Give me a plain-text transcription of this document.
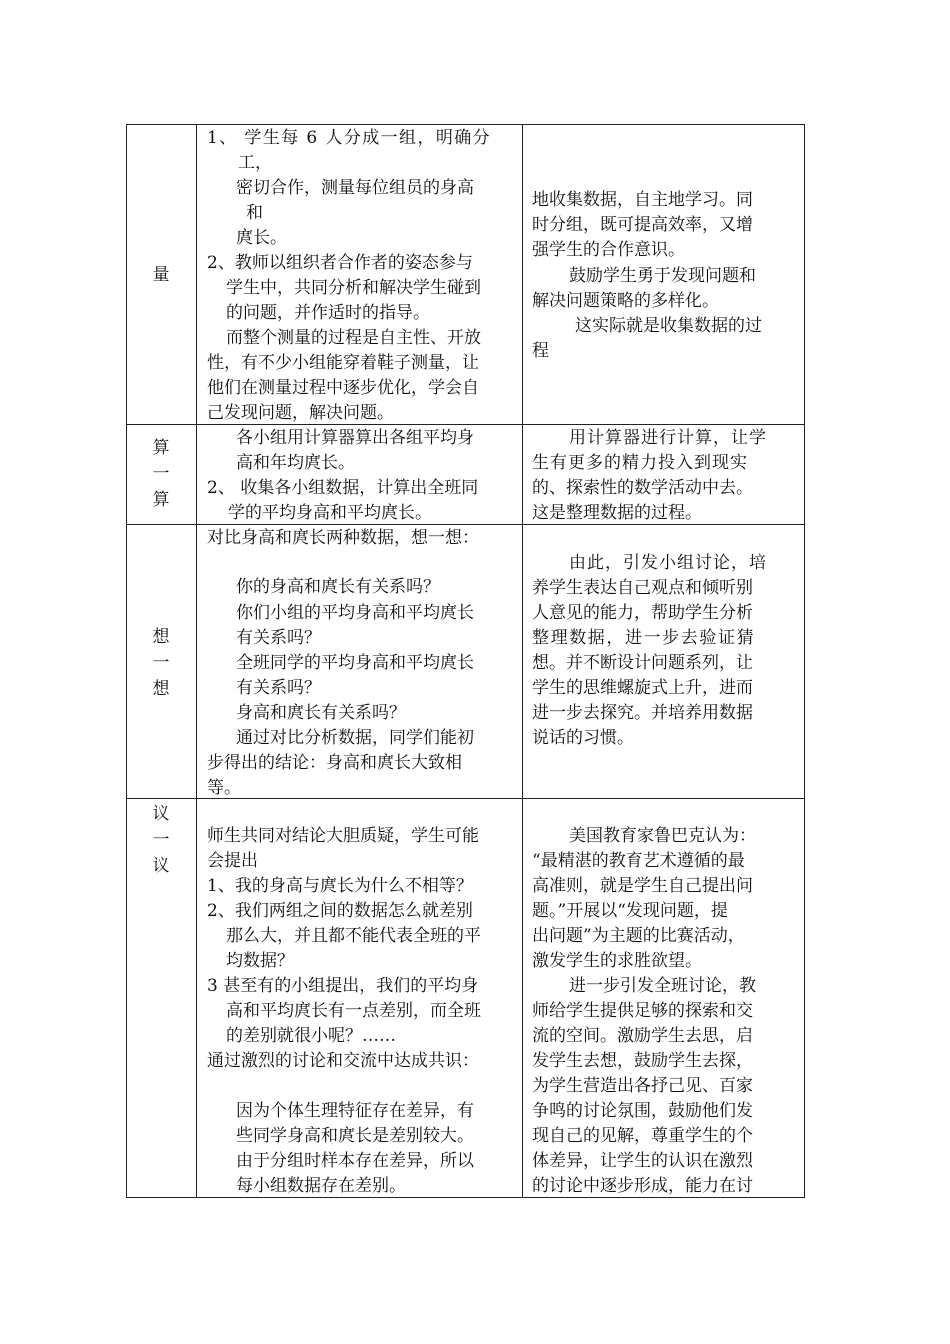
量
1、 学生每 6 人分成一组，明确分
工，
密切合作，测量每位组员的身高
和
庹长。
2、教师以组织者合作者的姿态参与
学生中，共同分析和解决学生碰到
的问题，并作适时的指导。
而整个测量的过程是自主性、开放
性，有不少小组能穿着鞋子测量，让
他们在测量过程中逐步优化，学会自
己发现问题，解决问题。
地收集数据，自主地学习。同
时分组，既可提高效率，又增
强学生的合作意识。
鼓励学生勇于发现问题和
解决问题策略的多样化。
这实际就是收集数据的过
程
算
一
算
各小组用计算器算出各组平均身
高和年均庹长。
2、 收集各小组数据，计算出全班同
学的平均身高和平均庹长。
用计算器进行计算，让学
生有更多的精力投入到现实
的、探索性的数学活动中去。
这是整理数据的过程。
想
一
想
对比身高和庹长两种数据，想一想：
你的身高和庹长有关系吗？
你们小组的平均身高和平均庹长
有关系吗？
全班同学的平均身高和平均庹长
有关系吗？
身高和庹长有关系吗？
通过对比分析数据，同学们能初
步得出的结论：身高和庹长大致相
等。
由此，引发小组讨论，培
养学生表达自己观点和倾听别
人意见的能力，帮助学生分析
整理数据，进一步去验证猜
想。并不断设计问题系列，让
学生的思维螺旋式上升，进而
进一步去探究。并培养用数据
说话的习惯。
议
一
议
师生共同对结论大胆质疑，学生可能
会提出
1、我的身高与庹长为什么不相等？
2、我们两组之间的数据怎么就差别
那么大，并且都不能代表全班的平
均数据？
3 甚至有的小组提出，我们的平均身
高和平均庹长有一点差别，而全班
的差别就很小呢？……
通过激烈的讨论和交流中达成共识：
因为个体生理特征存在差异，有
些同学身高和庹长是差别较大。
由于分组时样本存在差异，所以
每小组数据存在差别。
美国教育家鲁巴克认为：
“最精湛的教育艺术遵循的最
高准则，就是学生自己提出问
题。”开展以“发现问题，提
出问题”为主题的比赛活动，
激发学生的求胜欲望。
进一步引发全班讨论，教
师给学生提供足够的探索和交
流的空间。激励学生去思，启
发学生去想，鼓励学生去探，
为学生营造出各抒己见、百家
争鸣的讨论氛围，鼓励他们发
现自己的见解，尊重学生的个
体差异，让学生的认识在激烈
的讨论中逐步形成，能力在讨
